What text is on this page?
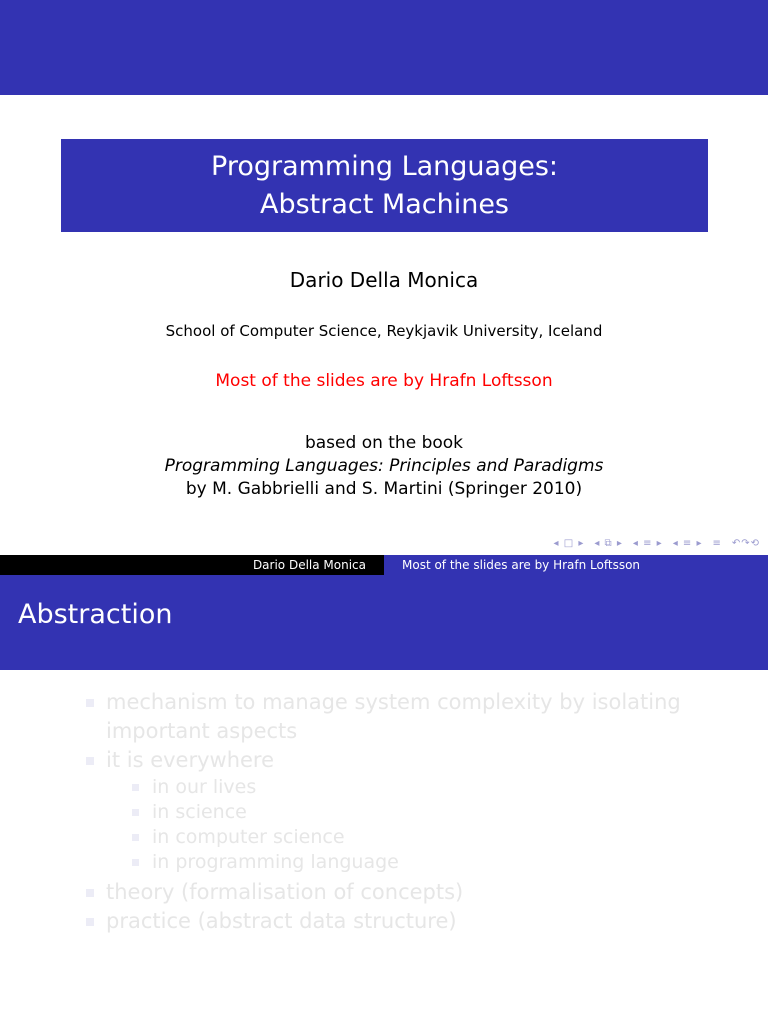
Programming Languages:
Abstract Machines
Dario Della Monica
School of Computer Science, Reykjavik University, Iceland
Most of the slides are by Hrafn Loftsson
based on the book
Programming Languages: Principles and Paradigms
by M. Gabbrielli and S. Martini (Springer 2010)
◂ □ ▸ ◂ ⧉ ▸ ◂ ≡ ▸ ◂ ≡ ▸ ≡ ↶↷⟲
Dario Della Monica	Most of the slides are by Hrafn Loftsson
Abstraction
mechanism to manage system complexity by isolating important aspects
it is everywhere
in our lives
in science
in computer science
in programming language
theory (formalisation of concepts)
practice (abstract data structure)
